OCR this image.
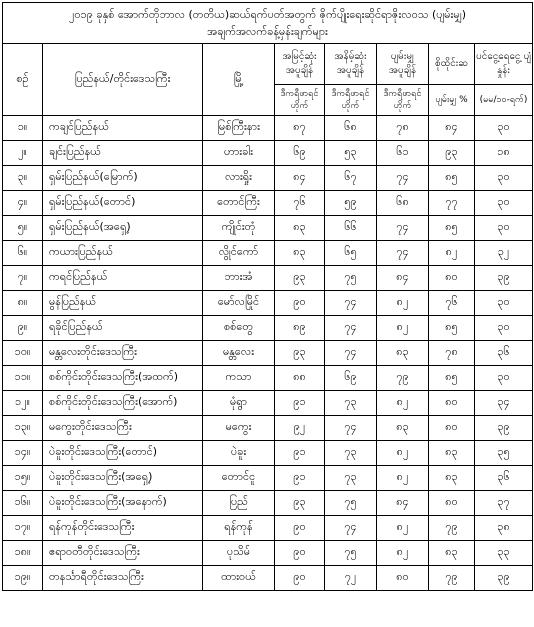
၂၀၁၉ ခုနှစ် အောက်တိုဘာလ (တတိယ)ဆယ်ရက်ပတ်အတွက် ဇိုက်ပျိုးရေးဆိုင်ရာဇိုးလဝသ (ပျမ်းမျှ)
အချက်အလက်ခန့်မှန်းချက်များ							

စဉ်	ပြည်နယ်/တိုင်းဒေသကြီး	မြို့	အမြင့်ဆုံး အပူချိန်	အနိမ့်ဆုံး အပူချိန်	ပျမ်းမျှ အပူချိန်	စိုထိုင်းဆ	ပင်ငွေ့ရေငွေ့ ပျံနှုန်း
			ဒီကရီဖာရင် ဟိုက်	ဒီကရီဖာရင် ဟိုက်	ဒီကရီဖာရင် ဟိုက်	ပျမ်းမျှ %	(မမ/၁၀-ရက်)
၁။	ကချင်ပြည်နယ်	မြစ်ကြီးနား	၈၇	၆၈	၇၈	၈၄	၃၀
၂။	ချင်းပြည်နယ်	ဟားခါး	၆၉	၅၃	၆၁	၉၃	၁၈
၃။	ရှမ်းပြည်နယ်(မြောက်)	လားရှိုး	၈၄	၆၇	၇၄	၈၅	၃၀
၄။	ရှမ်းပြည်နယ်(တောင်)	တောင်ကြီး	၇၆	၅၉	၆၈	၇၇	၃၀
၅။	ရှမ်းပြည်နယ်(အရှေ့)	ကျိုင်းတုံ	၈၃	၆၆	၇၄	၈၅	၃၀
၆။	ကယားပြည်နယ်	လွိုင်ကော်	၈၃	၆၅	၇၄	၈၂	၃၂
၇။	ကရင်ပြည်နယ်	ဘားအံ	၉၃	၇၅	၈၄	၈၀	၃၉
၈။	မွန်ပြည်နယ်	မော်လမြိုင်	၉၀	၇၄	၈၂	၇၆	၃၀
၉။	ရခိုင်ပြည်နယ်	စစ်တွေ	၈၉	၇၄	၈၂	၈၅	၃၀
၁၀။	မန္တလေးတိုင်းဒေသကြီး	မန္တလေး	၉၃	၇၄	၈၃	၇၈	၃၆
၁၁။	စစ်ကိုင်းတိုင်းဒေသကြီး(အထက်)	ကသာ	၈၈	၆၉	၇၉	၈၅	၃၀
၁၂။	စစ်ကိုင်းတိုင်းဒေသကြီး(အောက်)	မုံရွာ	၉၁	၇၃	၈၂	၈၀	၃၄
၁၃။	မကွေးတိုင်းဒေသကြီး	မကွေး	၉၂	၇၄	၈၃	၈၀	၃၉
၁၄။	ပဲခူးတိုင်းဒေသကြီး(တောင်)	ပဲခူး	၉၁	၇၃	၈၂	၈၃	၃၅
၁၅။	ပဲခူးတိုင်းဒေသကြီး(အရှေ့)	တောင်ငူ	၉၁	၇၃	၈၂	၈၃	၃၆
၁၆။	ပဲခူးတိုင်းဒေသကြီး(အနောက်)	ပြည်	၉၃	၇၅	၈၄	၈၀	၃၇
၁၇။	ရန်ကုန်တိုင်းဒေသကြီး	ရန်ကုန်	၉၀	၇၄	၈၂	၇၉	၃၈
၁၈။	ဧရာဝတီတိုင်းဒေသကြီး	ပုသိမ်	၉၀	၇၅	၈၂	၈၃	၃၃
၁၉။	တနင်္သာရီတိုင်းဒေသကြီး	ထားဝယ်	၉၀	၇၂	၈၀	၇၉	၃၉
